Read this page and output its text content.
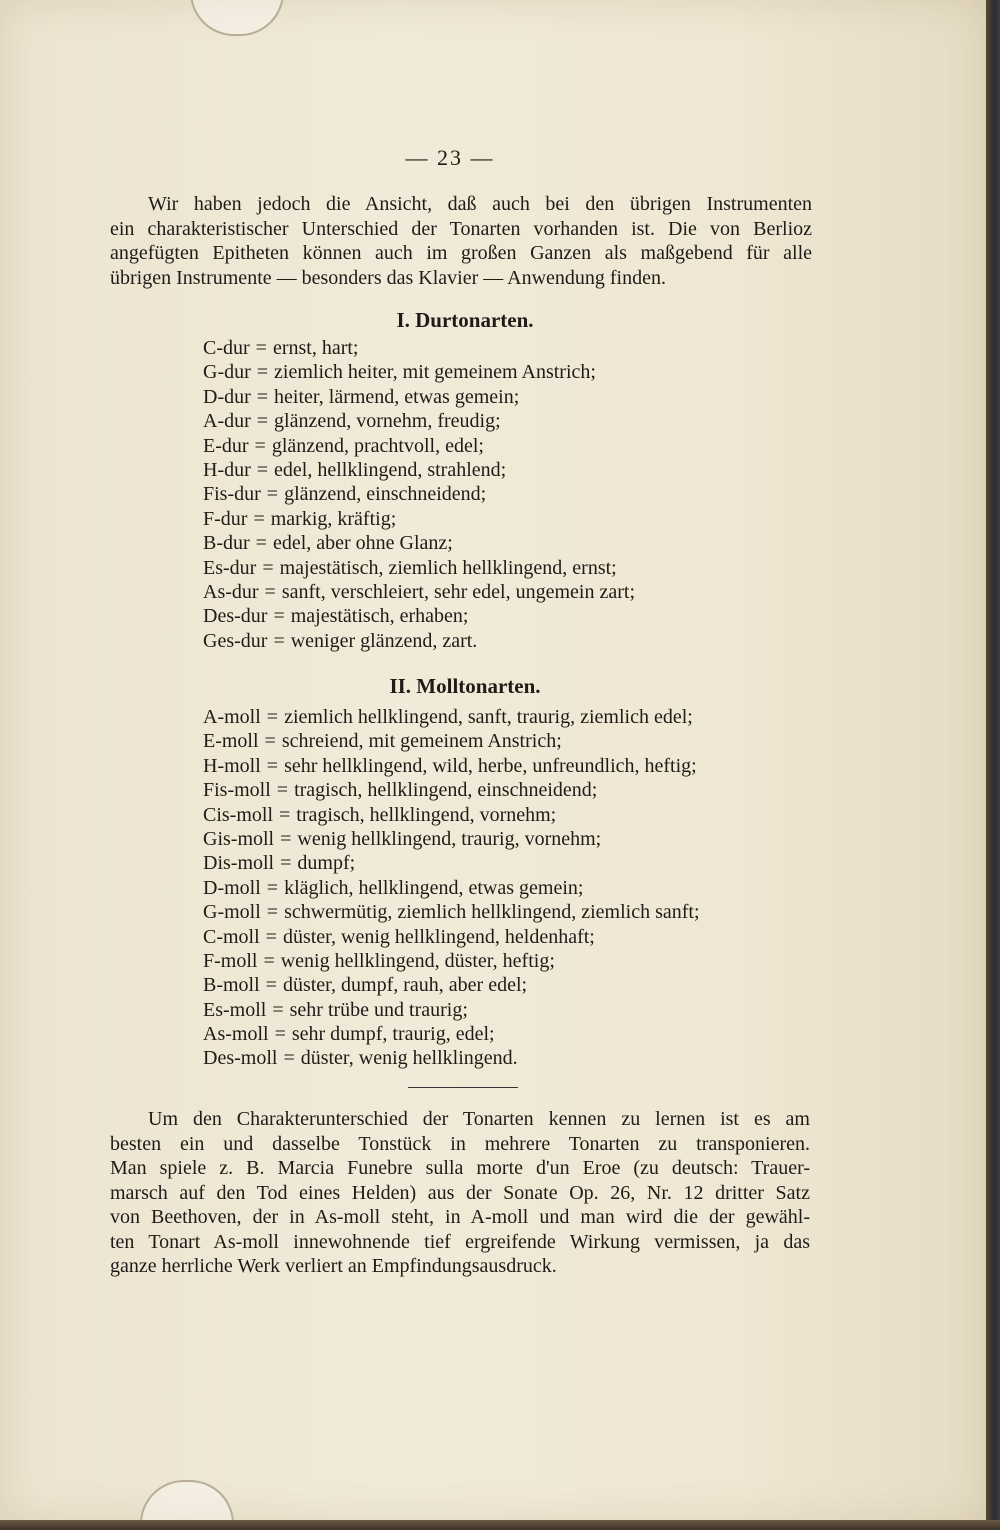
— 23 —
Wir haben jedoch die Ansicht, daß auch bei den übrigen Instrumenten
ein charakteristischer Unterschied der Tonarten vorhanden ist. Die von Berlioz
angefügten Epitheten können auch im großen Ganzen als maßgebend für alle
übrigen Instrumente — besonders das Klavier — Anwendung finden.
I. Durtonarten.
C-dur = ernst, hart;
G-dur = ziemlich heiter, mit gemeinem Anstrich;
D-dur = heiter, lärmend, etwas gemein;
A-dur = glänzend, vornehm, freudig;
E-dur = glänzend, prachtvoll, edel;
H-dur = edel, hellklingend, strahlend;
Fis-dur = glänzend, einschneidend;
F-dur = markig, kräftig;
B-dur = edel, aber ohne Glanz;
Es-dur = majestätisch, ziemlich hellklingend, ernst;
As-dur = sanft, verschleiert, sehr edel, ungemein zart;
Des-dur = majestätisch, erhaben;
Ges-dur = weniger glänzend, zart.
II. Molltonarten.
A-moll = ziemlich hellklingend, sanft, traurig, ziemlich edel;
E-moll = schreiend, mit gemeinem Anstrich;
H-moll = sehr hellklingend, wild, herbe, unfreundlich, heftig;
Fis-moll = tragisch, hellklingend, einschneidend;
Cis-moll = tragisch, hellklingend, vornehm;
Gis-moll = wenig hellklingend, traurig, vornehm;
Dis-moll = dumpf;
D-moll = kläglich, hellklingend, etwas gemein;
G-moll = schwermütig, ziemlich hellklingend, ziemlich sanft;
C-moll = düster, wenig hellklingend, heldenhaft;
F-moll = wenig hellklingend, düster, heftig;
B-moll = düster, dumpf, rauh, aber edel;
Es-moll = sehr trübe und traurig;
As-moll = sehr dumpf, traurig, edel;
Des-moll = düster, wenig hellklingend.
Um den Charakterunterschied der Tonarten kennen zu lernen ist es am
besten ein und dasselbe Tonstück in mehrere Tonarten zu transponieren.
Man spiele z. B. Marcia Funebre sulla morte d'un Eroe (zu deutsch: Trauer-
marsch auf den Tod eines Helden) aus der Sonate Op. 26, Nr. 12 dritter Satz
von Beethoven, der in As-moll steht, in A-moll und man wird die der gewähl-
ten Tonart As-moll innewohnende tief ergreifende Wirkung vermissen, ja das
ganze herrliche Werk verliert an Empfindungsausdruck.
